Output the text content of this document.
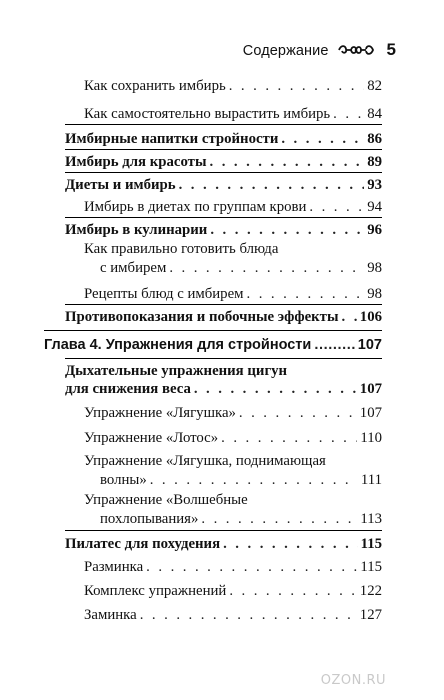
Содержание	5
Как сохранить имбирь . . .	82
Как самостоятельно вырастить имбирь . . .	84
Имбирные напитки стройности . . .	86
Имбирь для красоты . . .	89
Диеты и имбирь . . .	93
Имбирь в диетах по группам крови . . .	94
Имбирь в кулинарии . . .	96
Как правильно готовить блюда
с имбирем . . .	98
Рецепты блюд с имбирем . . .	98
Противопоказания и побочные эффекты . . . 106
Глава 4. Упражнения для стройности .....	107
Дыхательные упражнения цигун
для снижения веса . . .	107
Упражнение «Лягушка» . . .	107
Упражнение «Лотос» . . .	110
Упражнение «Лягушка, поднимающая
волны» . . .	111
Упражнение «Волшебные
похлопывания» . . .	113
Пилатес для похудения . . .	115
Разминка . . .	115
Комплекс упражнений . . .	122
Заминка . . .	127
OZON.RU
